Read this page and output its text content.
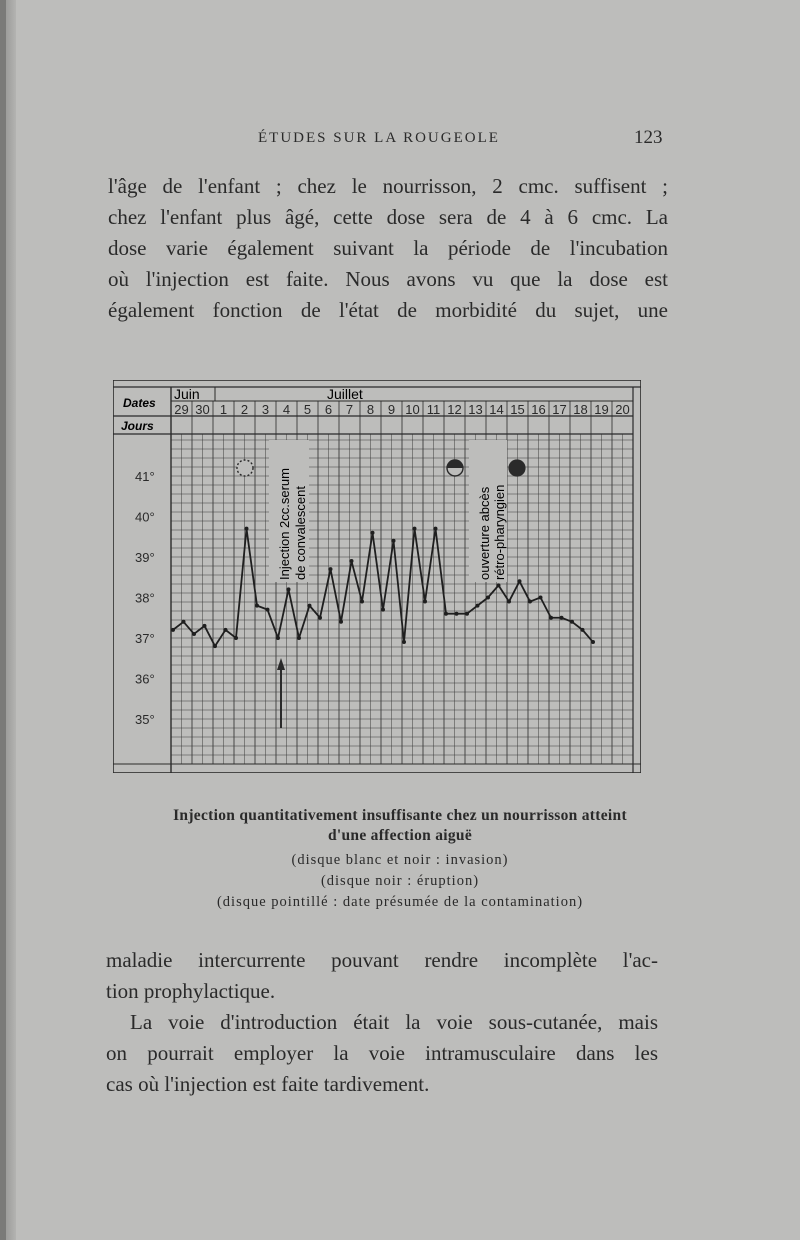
ÉTUDES SUR LA ROUGEOLE	123
l'âge de l'enfant ; chez le nourrisson, 2 cmc. suffisent ;
chez l'enfant plus âgé, cette dose sera de 4 à 6 cmc. La
dose varie également suivant la période de l'incubation
où l'injection est faite. Nous avons vu que la dose est
également fonction de l'état de morbidité du sujet, une
Dates
Jours
Juin	Juillet
29 30 1 2 3 4 5 6 7 8 9 10 11 12 13 14 15 16 17 18 19 20
41°
40°
39°
38°
37°
36°
35°
Injection 2cc.serum de convalescent	ouverture abcès rétro-pharyngien
Injection quantitativement insuffisante chez un nourrisson atteint
d'une affection aiguë
(disque blanc et noir : invasion)
(disque noir : éruption)
(disque pointillé : date présumée de la contamination)
maladie intercurrente pouvant rendre incomplète l'ac-
tion prophylactique.
La voie d'introduction était la voie sous-cutanée, mais
on pourrait employer la voie intramusculaire dans les
cas où l'injection est faite tardivement.
